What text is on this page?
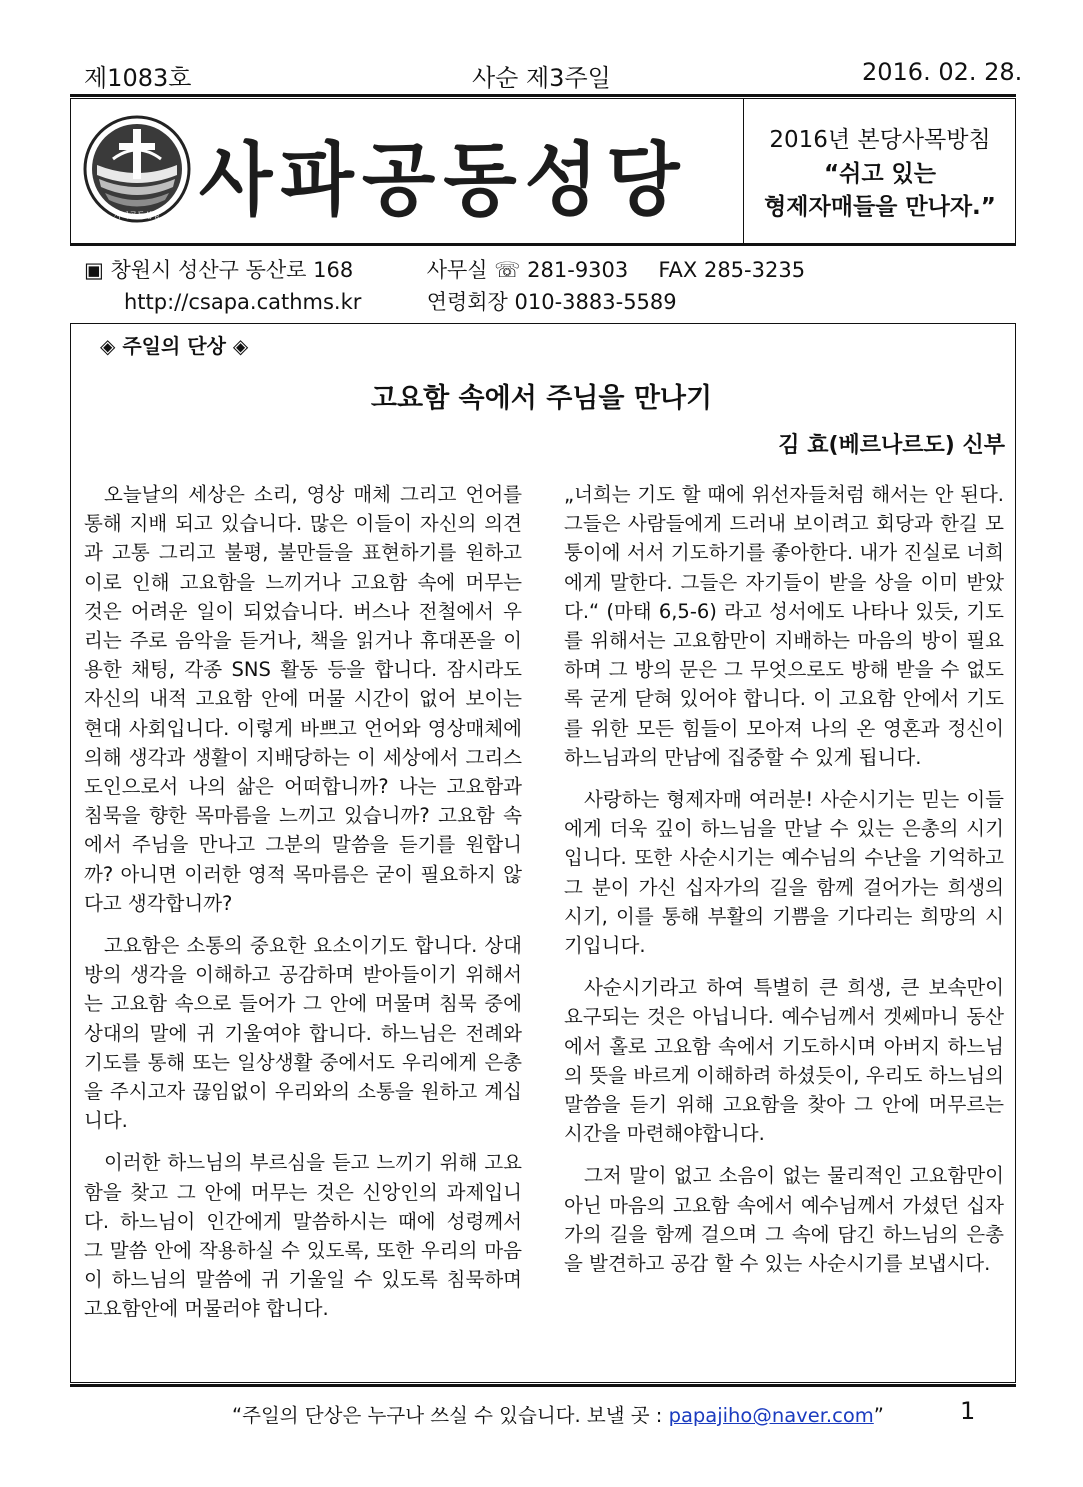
제1083호	사순 제3주일	2016. 02. 28.
사파공동성당 사파공동성당	2016년 본당사목방침
“쉬고 있는
형제자매들을 만나자.”
▣ 창원시 성산구 동산로 168	사무실 ☏ 281-9303 FAX 285-3235
http://csapa.cathms.kr	연령회장 010-3883-5589
◈ 주일의 단상 ◈
고요함 속에서 주님을 만나기
김 효(베르나르도) 신부

오늘날의 세상은 소리, 영상 매체 그리고 언어를 통해 지배 되고 있습니다. 많은 이들이 자신의 의견과 고통 그리고 불평, 불만들을 표현하기를 원하고 이로 인해 고요함을 느끼거나 고요함 속에 머무는 것은 어려운 일이 되었습니다. 버스나 전철에서 우리는 주로 음악을 듣거나, 책을 읽거나 휴대폰을 이용한 채팅, 각종 SNS 활동 등을 합니다. 잠시라도 자신의 내적 고요함 안에 머물 시간이 없어 보이는 현대 사회입니다. 이렇게 바쁘고 언어와 영상매체에 의해 생각과 생활이 지배당하는 이 세상에서 그리스도인으로서 나의 삶은 어떠합니까? 나는 고요함과 침묵을 향한 목마름을 느끼고 있습니까? 고요함 속에서 주님을 만나고 그분의 말씀을 듣기를 원합니까? 아니면 이러한 영적 목마름은 굳이 필요하지 않다고 생각합니까?

고요함은 소통의 중요한 요소이기도 합니다. 상대방의 생각을 이해하고 공감하며 받아들이기 위해서는 고요함 속으로 들어가 그 안에 머물며 침묵 중에 상대의 말에 귀 기울여야 합니다. 하느님은 전례와 기도를 통해 또는 일상생활 중에서도 우리에게 은총을 주시고자 끊임없이 우리와의 소통을 원하고 계십니다.

이러한 하느님의 부르심을 듣고 느끼기 위해 고요함을 찾고 그 안에 머무는 것은 신앙인의 과제입니다. 하느님이 인간에게 말씀하시는 때에 성령께서 그 말씀 안에 작용하실 수 있도록, 또한 우리의 마음이 하느님의 말씀에 귀 기울일 수 있도록 침묵하며 고요함안에 머물러야 합니다.

„너희는 기도 할 때에 위선자들처럼 해서는 안 된다. 그들은 사람들에게 드러내 보이려고 회당과 한길 모퉁이에 서서 기도하기를 좋아한다. 내가 진실로 너희에게 말한다. 그들은 자기들이 받을 상을 이미 받았다.“ (마태 6,5-6) 라고 성서에도 나타나 있듯, 기도를 위해서는 고요함만이 지배하는 마음의 방이 필요하며 그 방의 문은 그 무엇으로도 방해 받을 수 없도록 굳게 닫혀 있어야 합니다. 이 고요함 안에서 기도를 위한 모든 힘들이 모아져 나의 온 영혼과 정신이 하느님과의 만남에 집중할 수 있게 됩니다.

사랑하는 형제자매 여러분! 사순시기는 믿는 이들에게 더욱 깊이 하느님을 만날 수 있는 은총의 시기입니다. 또한 사순시기는 예수님의 수난을 기억하고 그 분이 가신 십자가의 길을 함께 걸어가는 희생의 시기, 이를 통해 부활의 기쁨을 기다리는 희망의 시기입니다.

사순시기라고 하여 특별히 큰 희생, 큰 보속만이 요구되는 것은 아닙니다. 예수님께서 겟쎄마니 동산에서 홀로 고요함 속에서 기도하시며 아버지 하느님의 뜻을 바르게 이해하려 하셨듯이, 우리도 하느님의 말씀을 듣기 위해 고요함을 찾아 그 안에 머무르는 시간을 마련해야합니다.

그저 말이 없고 소음이 없는 물리적인 고요함만이 아닌 마음의 고요함 속에서 예수님께서 가셨던 십자가의 길을 함께 걸으며 그 속에 담긴 하느님의 은총을 발견하고 공감 할 수 있는 사순시기를 보냅시다.

“주일의 단상은 누구나 쓰실 수 있습니다. 보낼 곳 : papajiho@naver.com”	1
